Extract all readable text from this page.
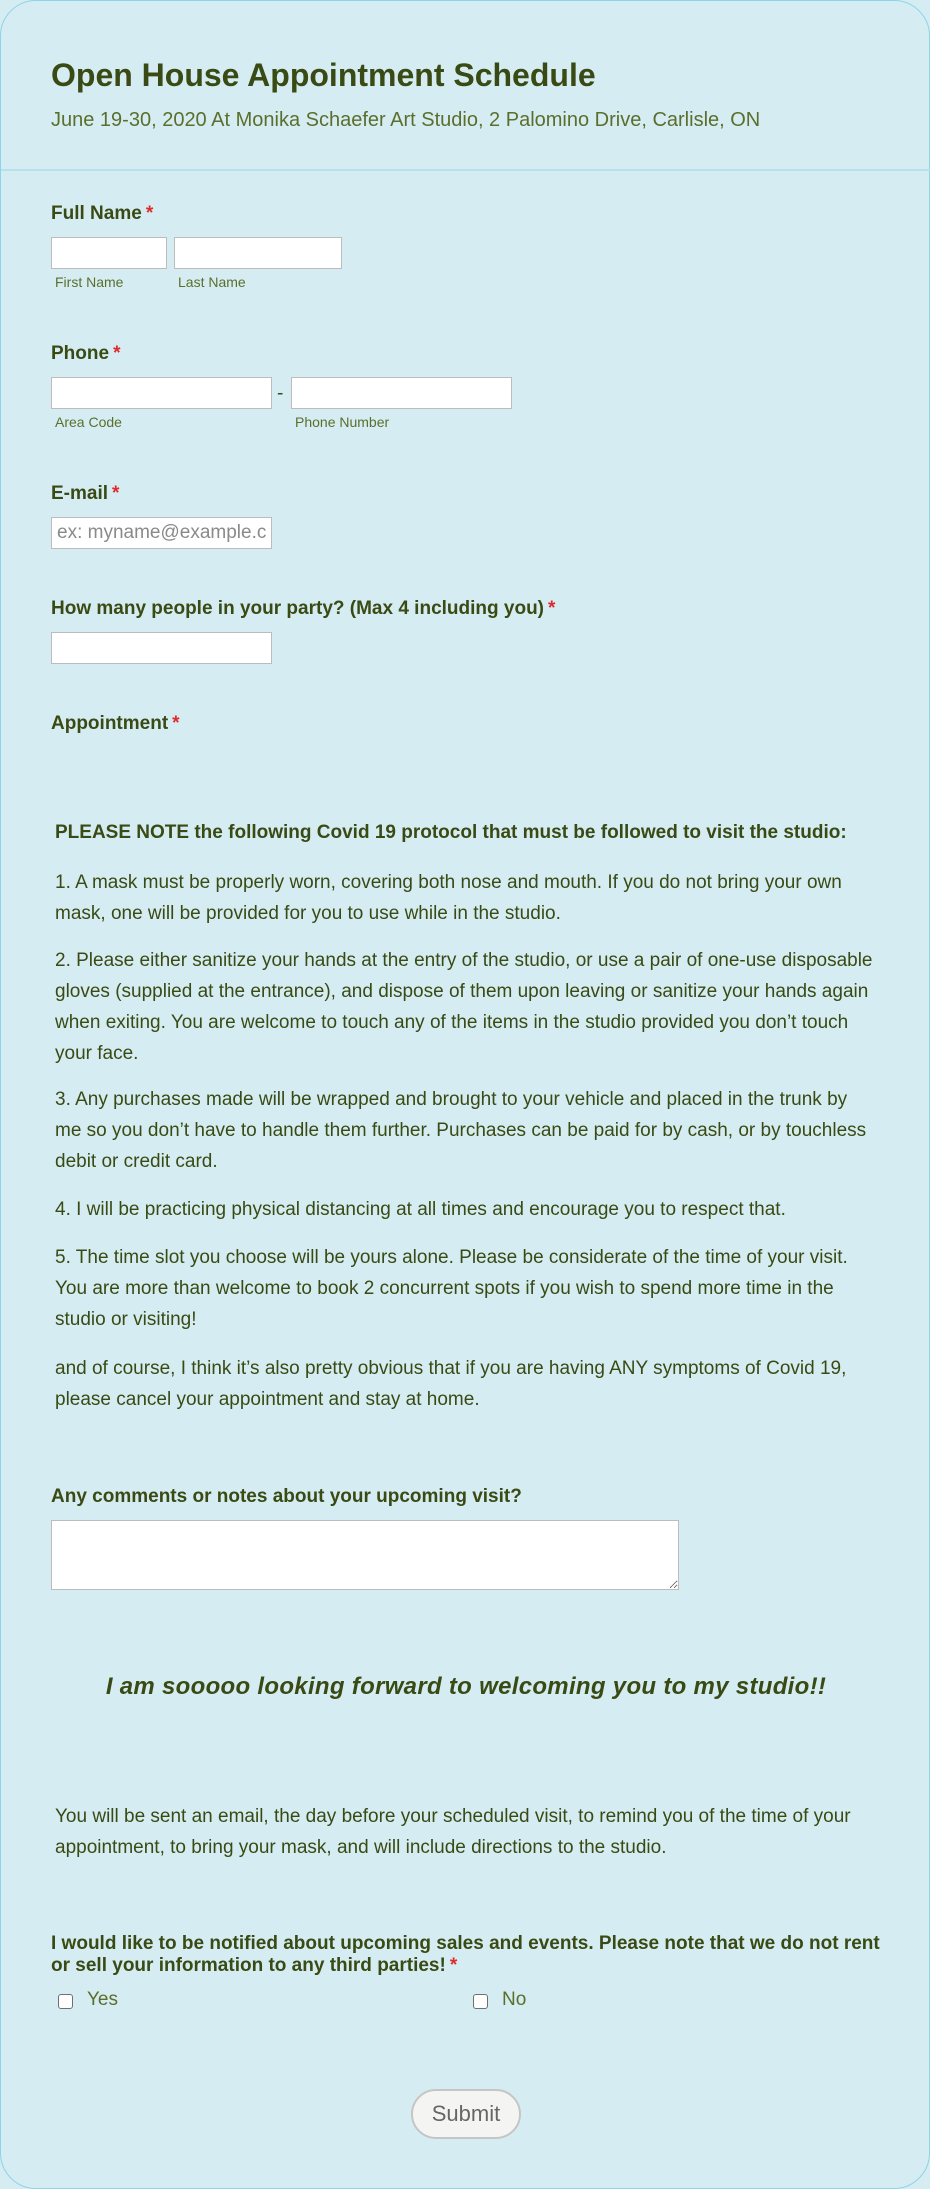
Open House Appointment Schedule
June 19-30, 2020 At Monika Schaefer Art Studio, 2 Palomino Drive, Carlisle, ON
Full Name *
First Name	Last Name
Phone *
-
Area Code	Phone Number
E-mail *
ex: myname@example.com
How many people in your party? (Max 4 including you) *
Appointment *
PLEASE NOTE the following Covid 19 protocol that must be followed to visit the studio:
1. A mask must be properly worn, covering both nose and mouth. If you do not bring your own mask, one will be provided for you to use while in the studio.
2. Please either sanitize your hands at the entry of the studio, or use a pair of one-use disposable gloves (supplied at the entrance), and dispose of them upon leaving or sanitize your hands again when exiting. You are welcome to touch any of the items in the studio provided you don’t touch your face.
3. Any purchases made will be wrapped and brought to your vehicle and placed in the trunk by me so you don’t have to handle them further. Purchases can be paid for by cash, or by touchless debit or credit card.
4. I will be practicing physical distancing at all times and encourage you to respect that.
5. The time slot you choose will be yours alone. Please be considerate of the time of your visit. You are more than welcome to book 2 concurrent spots if you wish to spend more time in the studio or visiting!
and of course, I think it’s also pretty obvious that if you are having ANY symptoms of Covid 19, please cancel your appointment and stay at home.
Any comments or notes about your upcoming visit?
I am sooooo looking forward to welcoming you to my studio!!
You will be sent an email, the day before your scheduled visit, to remind you of the time of your appointment, to bring your mask, and will include directions to the studio.
I would like to be notified about upcoming sales and events. Please note that we do not rent or sell your information to any third parties! *
Yes	No
Submit
